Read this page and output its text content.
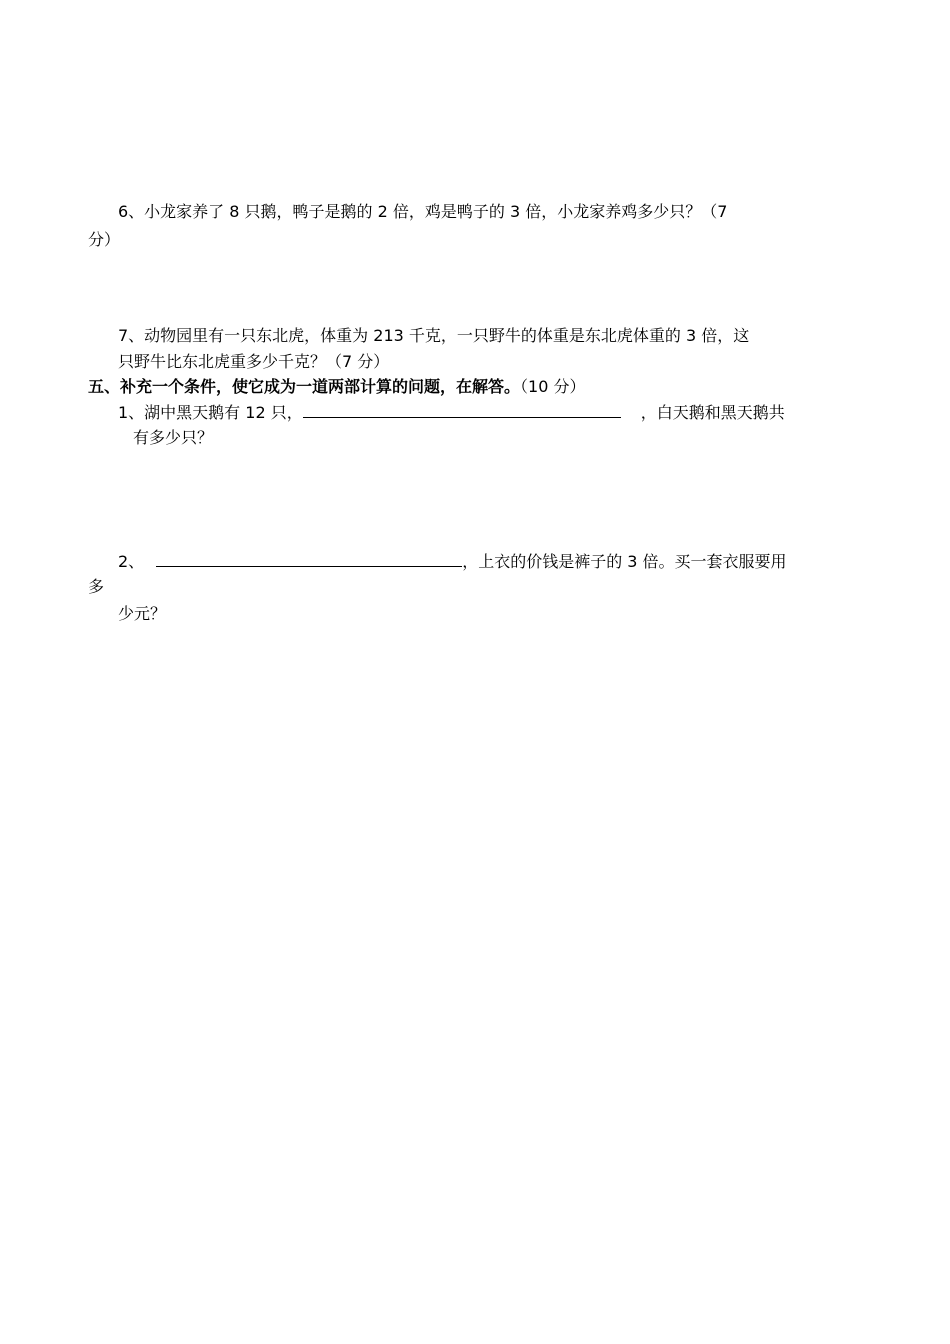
6、小龙家养了 8 只鹅，鸭子是鹅的 2 倍，鸡是鸭子的 3 倍，小龙家养鸡多少只？（7
分）
7、动物园里有一只东北虎，体重为 213 千克，一只野牛的体重是东北虎体重的 3 倍，这
只野牛比东北虎重多少千克？（7 分）
五、补充一个条件，使它成为一道两部计算的问题，在解答。（10 分）
1、湖中黑天鹅有 12 只，	，白天鹅和黑天鹅共
有多少只？
2、	，上衣的价钱是裤子的 3 倍。买一套衣服要用
多
少元？
